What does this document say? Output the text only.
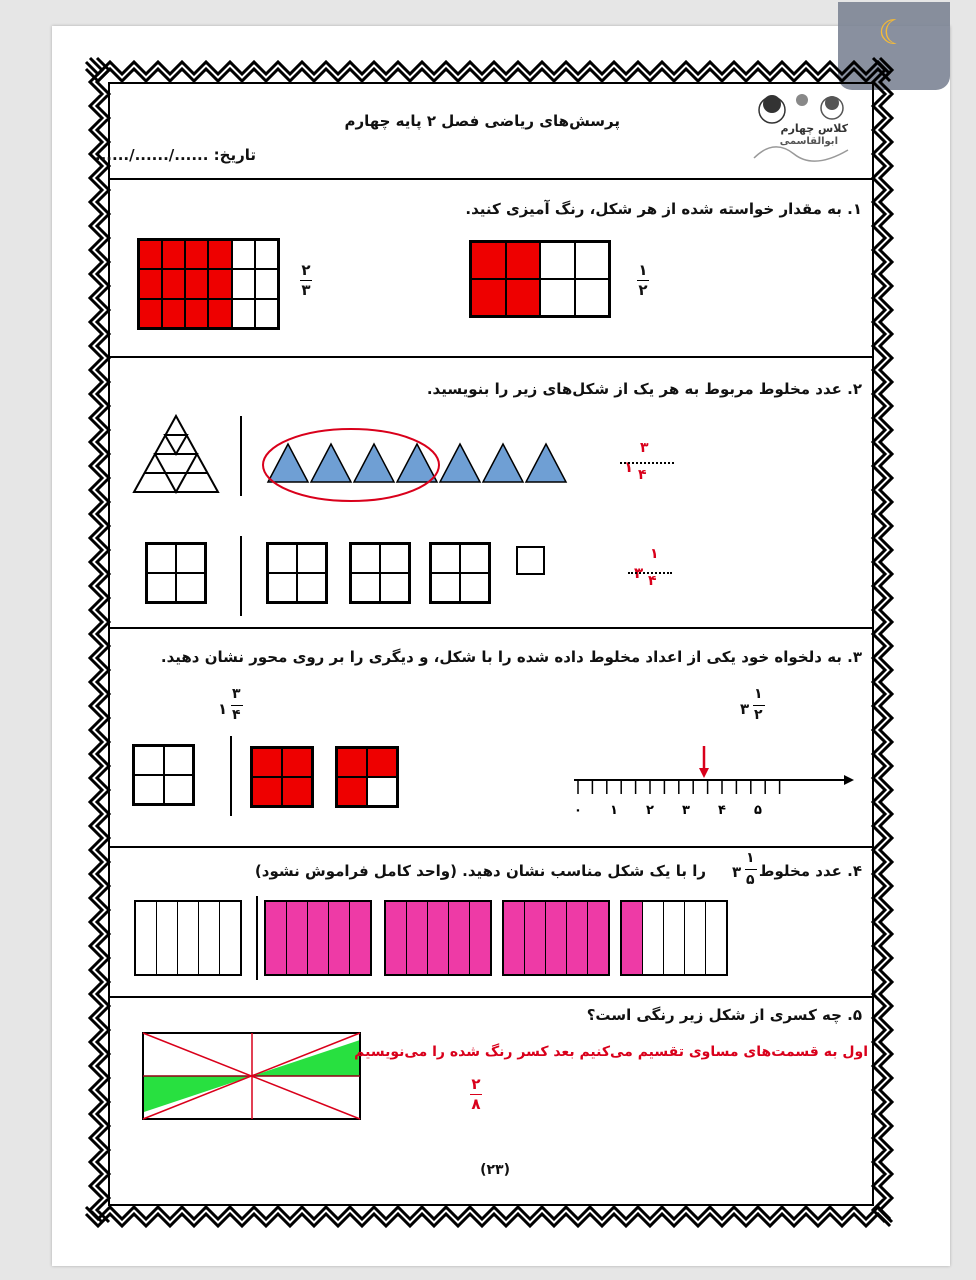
☾
پرسش‌های ریاضی فصل ۲ پایه چهارم
تاریخ: ....../....../......
کلاس چهارم
ابوالقاسمی
۱. به مقدار خواسته شده از هر شکل، رنگ آمیزی کنید.
۱
۲
۲
۳
۲. عدد مخلوط مربوط به هر یک از شکل‌های زیر را بنویسید.
۱
۳
۴
۳
۱
۴
۳. به دلخواه خود یکی از اعداد مخلوط داده شده را با شکل، و دیگری را بر روی محور نشان دهید.
۱
۳
۴	۳
۱
۲
۰ ۱ ۲ ۳ ۴ ۵
۴. عدد مخلوط
۳
۱
۵
را با یک شکل مناسب نشان دهید. (واحد کامل فراموش نشود)
۵. چه کسری از شکل زیر رنگی است؟
اول به قسمت‌های مساوی تقسیم می‌کنیم بعد کسر رنگ شده را می‌نویسیم
۲
۸
(۲۳)
